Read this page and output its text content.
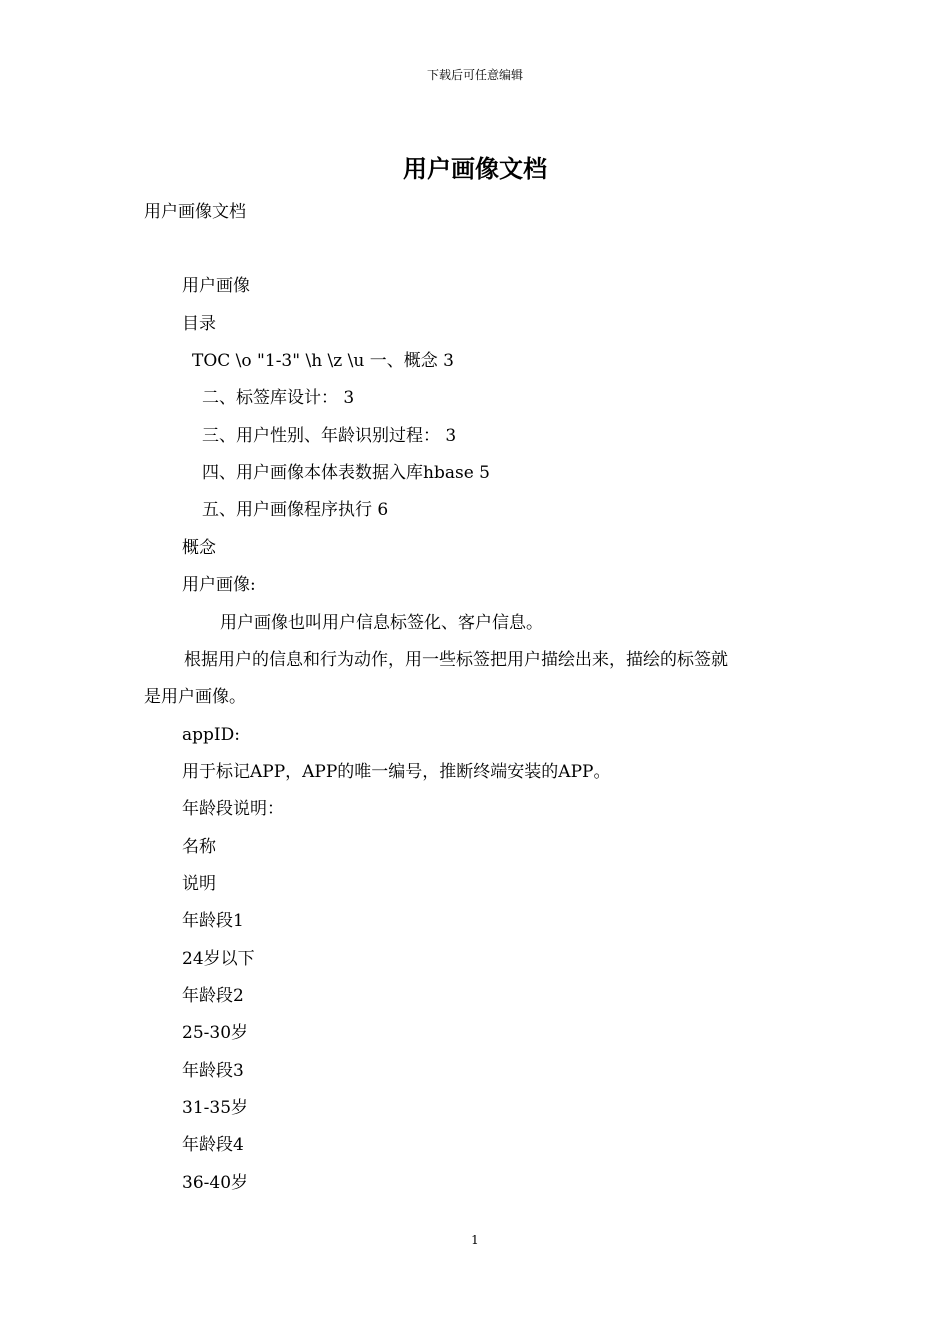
下载后可任意编辑
用户画像文档
用户画像文档
用户画像
目录
TOC \o "1-3" \h \z \u 一、概念 3
二、标签库设计： 3
三、用户性别、年龄识别过程： 3
四、用户画像本体表数据入库hbase 5
五、用户画像程序执行 6
概念
用户画像:
用户画像也叫用户信息标签化、客户信息。
根据用户的信息和行为动作，用一些标签把用户描绘出来，描绘的标签就
是用户画像。
appID:
用于标记APP，APP的唯一编号，推断终端安装的APP。
年龄段说明：
名称
说明
年龄段1
24岁以下
年龄段2
25-30岁
年龄段3
31-35岁
年龄段4
36-40岁
1
